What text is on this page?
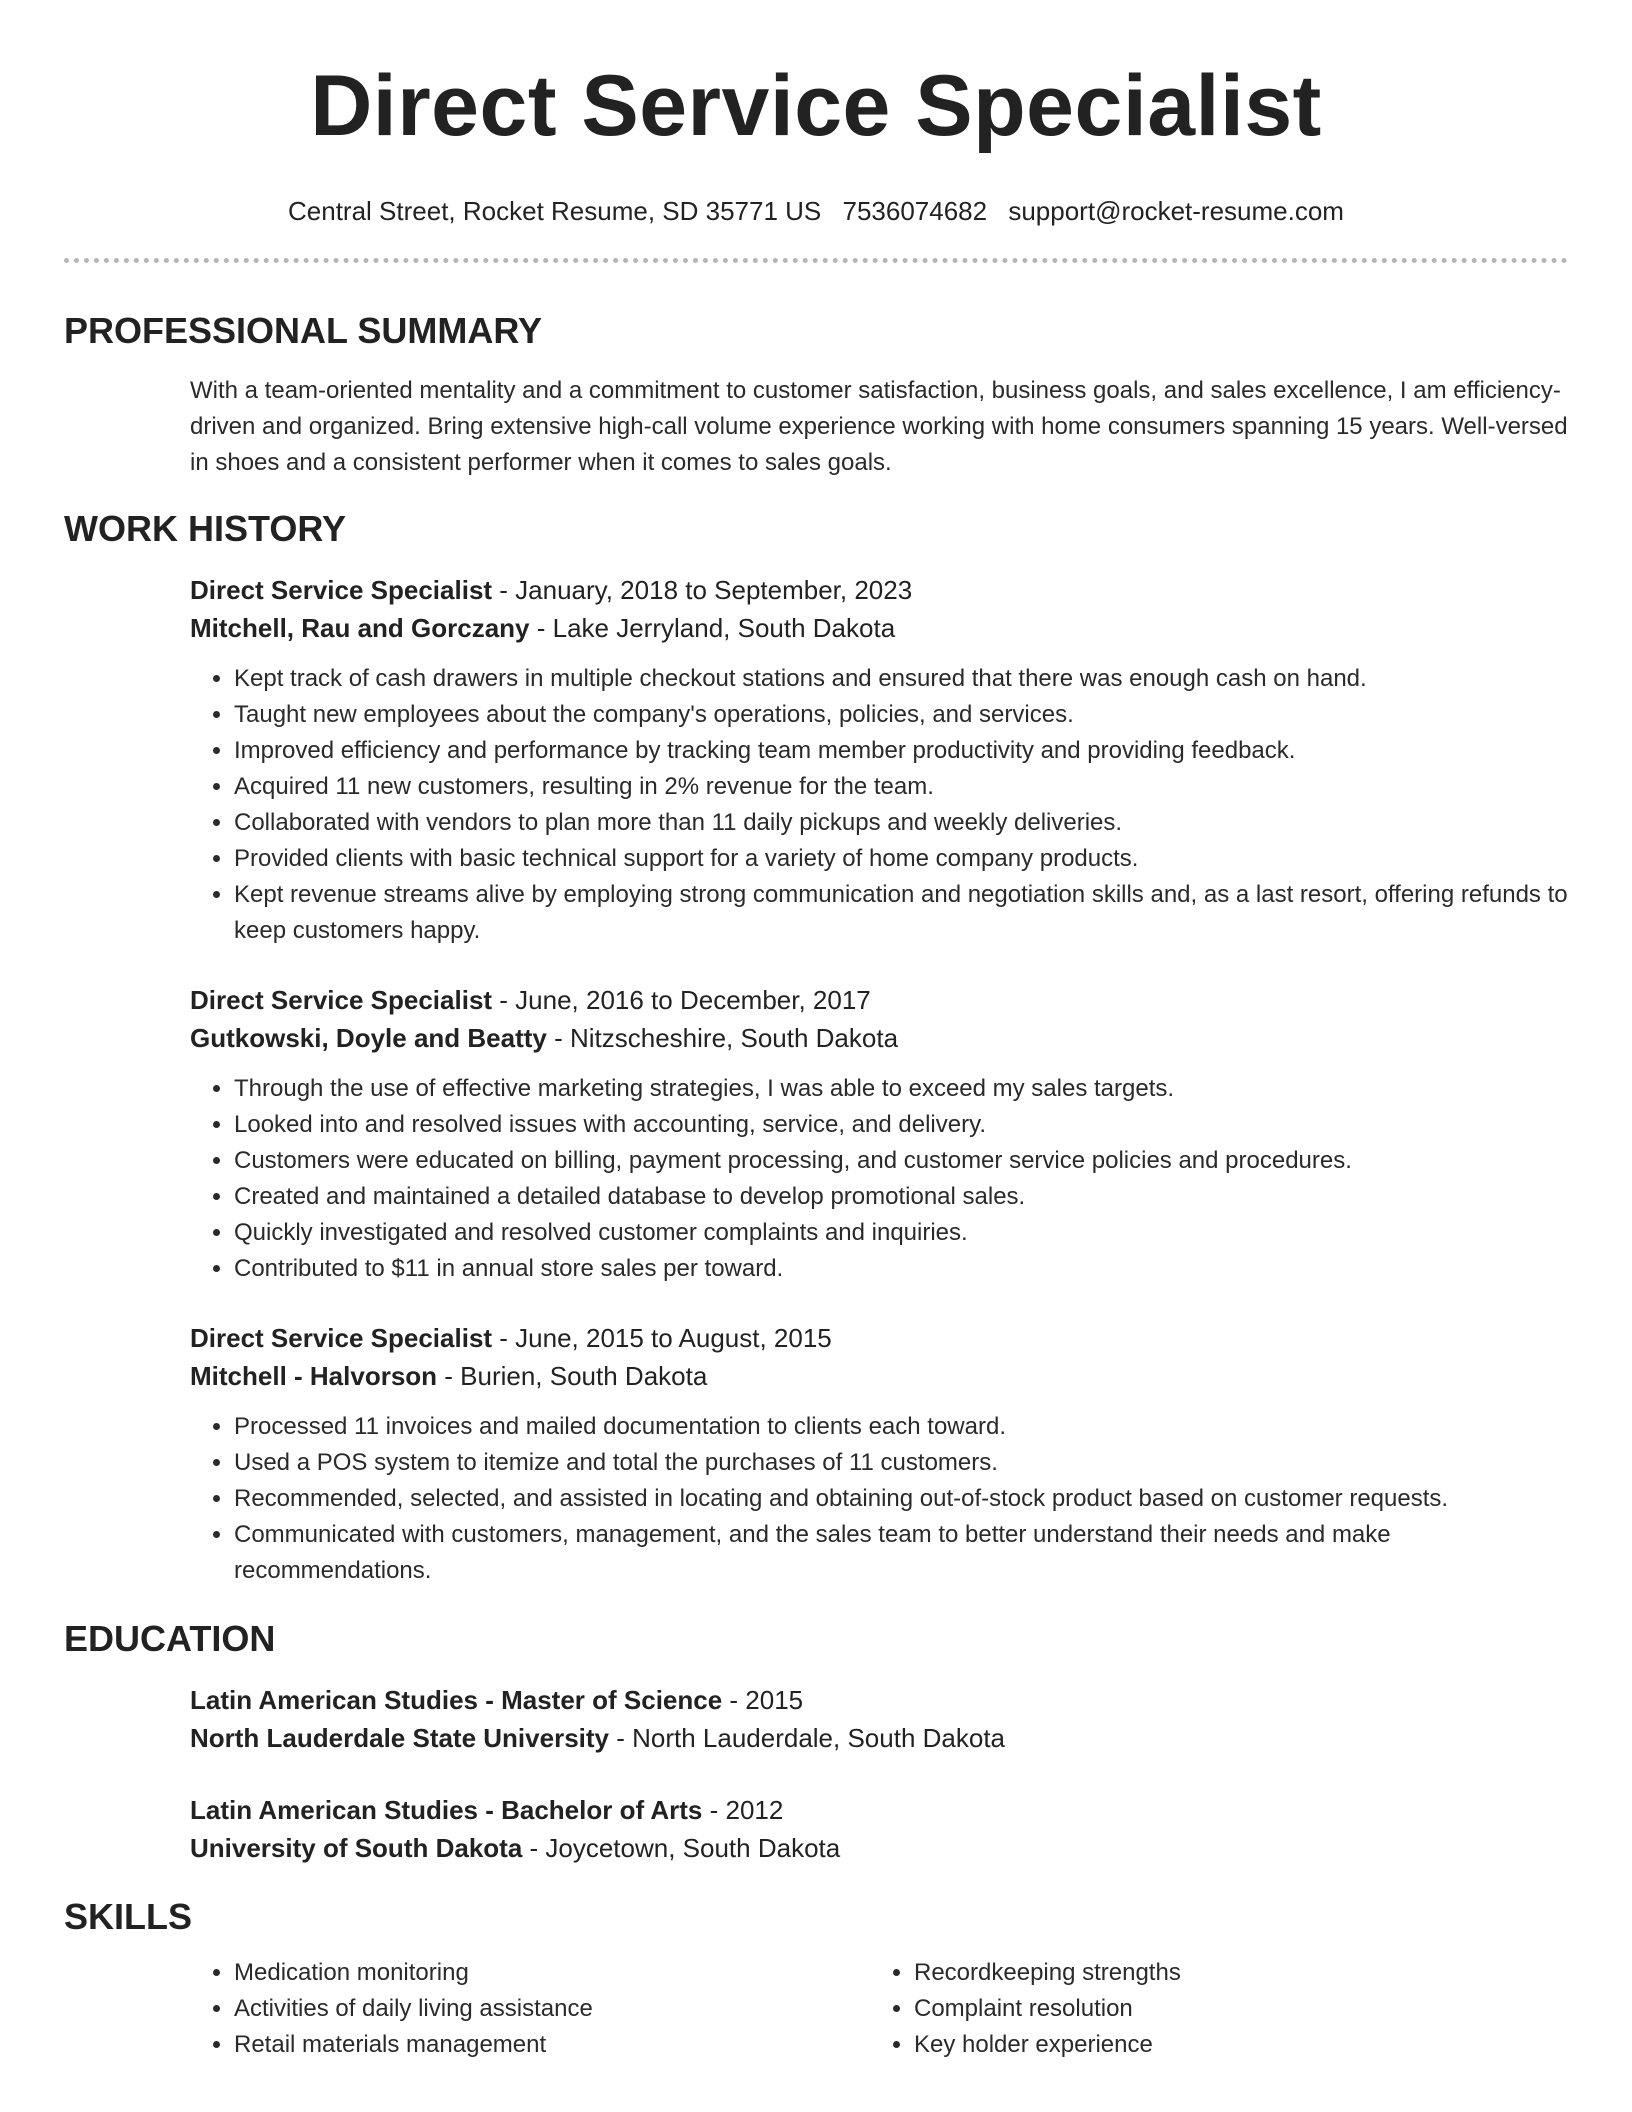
Direct Service Specialist
Central Street, Rocket Resume, SD 35771 US 7536074682 support@rocket-resume.com
PROFESSIONAL SUMMARY

With a team-oriented mentality and a commitment to customer satisfaction, business goals, and sales excellence, I am efficiency-driven and organized. Bring extensive high-call volume experience working with home consumers spanning 15 years. Well-versed in shoes and a consistent performer when it comes to sales goals.

WORK HISTORY
Direct Service Specialist - January, 2018 to September, 2023
Mitchell, Rau and Gorczany - Lake Jerryland, South Dakota
• Kept track of cash drawers in multiple checkout stations and ensured that there was enough cash on hand.
• Taught new employees about the company's operations, policies, and services.
• Improved efficiency and performance by tracking team member productivity and providing feedback.
• Acquired 11 new customers, resulting in 2% revenue for the team.
• Collaborated with vendors to plan more than 11 daily pickups and weekly deliveries.
• Provided clients with basic technical support for a variety of home company products.
• Kept revenue streams alive by employing strong communication and negotiation skills and, as a last resort, offering refunds to keep customers happy.
Direct Service Specialist - June, 2016 to December, 2017
Gutkowski, Doyle and Beatty - Nitzscheshire, South Dakota
• Through the use of effective marketing strategies, I was able to exceed my sales targets.
• Looked into and resolved issues with accounting, service, and delivery.
• Customers were educated on billing, payment processing, and customer service policies and procedures.
• Created and maintained a detailed database to develop promotional sales.
• Quickly investigated and resolved customer complaints and inquiries.
• Contributed to $11 in annual store sales per toward.
Direct Service Specialist - June, 2015 to August, 2015
Mitchell - Halvorson - Burien, South Dakota
• Processed 11 invoices and mailed documentation to clients each toward.
• Used a POS system to itemize and total the purchases of 11 customers.
• Recommended, selected, and assisted in locating and obtaining out-of-stock product based on customer requests.
• Communicated with customers, management, and the sales team to better understand their needs and make recommendations.
EDUCATION
Latin American Studies - Master of Science - 2015
North Lauderdale State University - North Lauderdale, South Dakota
Latin American Studies - Bachelor of Arts - 2012
University of South Dakota - Joycetown, South Dakota
SKILLS
• Medication monitoring
• Activities of daily living assistance
• Retail materials management
• Recordkeeping strengths
• Complaint resolution
• Key holder experience
